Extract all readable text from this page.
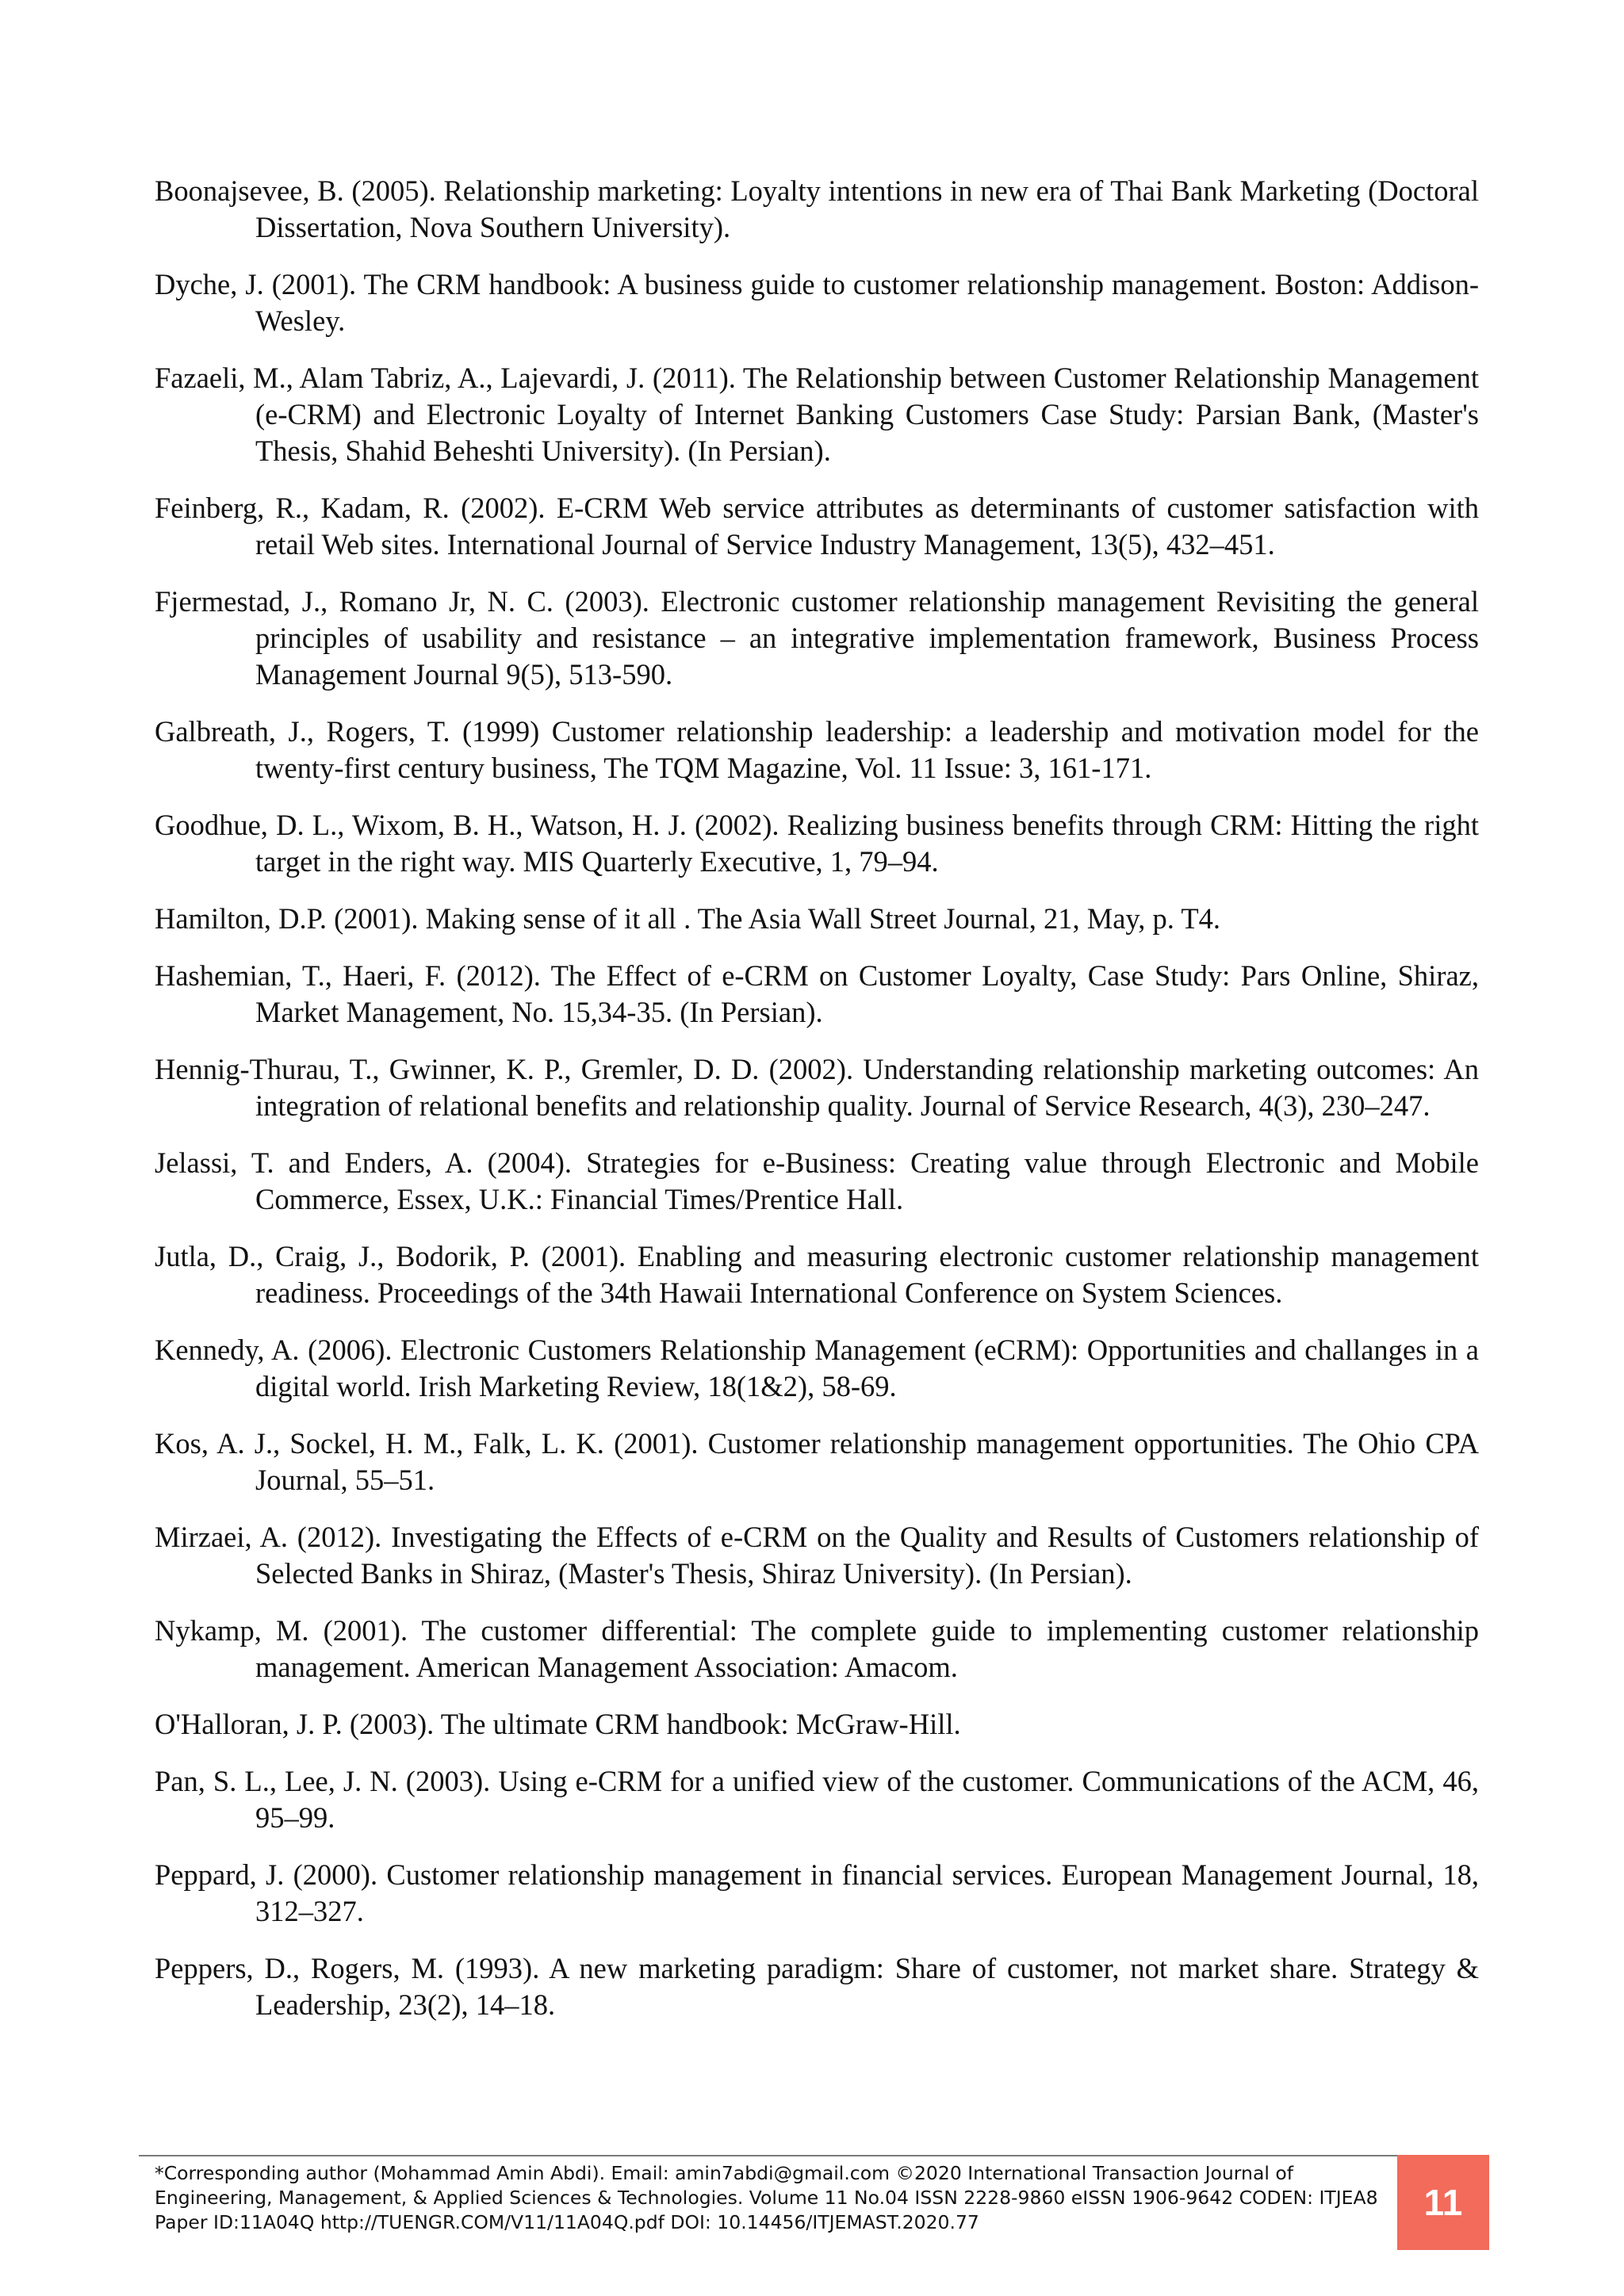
Boonajsevee, B. (2005). Relationship marketing: Loyalty intentions in new era of Thai Bank Marketing (Doctoral Dissertation, Nova Southern University).

Dyche, J. (2001). The CRM handbook: A business guide to customer relationship management. Boston: Addison-Wesley.

Fazaeli, M., Alam Tabriz, A., Lajevardi, J. (2011). The Relationship between Customer Relationship Management (e-CRM) and Electronic Loyalty of Internet Banking Customers Case Study: Parsian Bank, (Master's Thesis, Shahid Beheshti University). (In Persian).

Feinberg, R., Kadam, R. (2002). E-CRM Web service attributes as determinants of customer satisfaction with retail Web sites. International Journal of Service Industry Management, 13(5), 432–451.

Fjermestad, J., Romano Jr, N. C. (2003). Electronic customer relationship management Revisiting the general principles of usability and resistance – an integrative implementation framework, Business Process Management Journal 9(5), 513-590.

Galbreath, J., Rogers, T. (1999) Customer relationship leadership: a leadership and motivation model for the twenty-first century business, The TQM Magazine, Vol. 11 Issue: 3, 161-171.

Goodhue, D. L., Wixom, B. H., Watson, H. J. (2002). Realizing business benefits through CRM: Hitting the right target in the right way. MIS Quarterly Executive, 1, 79–94.

Hamilton, D.P. (2001). Making sense of it all . The Asia Wall Street Journal, 21, May, p. T4.

Hashemian, T., Haeri, F. (2012). The Effect of e-CRM on Customer Loyalty, Case Study: Pars Online, Shiraz, Market Management, No. 15,34-35. (In Persian).

Hennig-Thurau, T., Gwinner, K. P., Gremler, D. D. (2002). Understanding relationship marketing outcomes: An integration of relational benefits and relationship quality. Journal of Service Research, 4(3), 230–247.

Jelassi, T. and Enders, A. (2004). Strategies for e-Business: Creating value through Electronic and Mobile Commerce, Essex, U.K.: Financial Times/Prentice Hall.

Jutla, D., Craig, J., Bodorik, P. (2001). Enabling and measuring electronic customer relationship management readiness. Proceedings of the 34th Hawaii International Conference on System Sciences.

Kennedy, A. (2006). Electronic Customers Relationship Management (eCRM): Opportunities and challanges in a digital world. Irish Marketing Review, 18(1&2), 58-69.

Kos, A. J., Sockel, H. M., Falk, L. K. (2001). Customer relationship management opportunities. The Ohio CPA Journal, 55–51.

Mirzaei, A. (2012). Investigating the Effects of e-CRM on the Quality and Results of Customers relationship of Selected Banks in Shiraz, (Master's Thesis, Shiraz University). (In Persian).

Nykamp, M. (2001). The customer differential: The complete guide to implementing customer relationship management. American Management Association: Amacom.

O'Halloran, J. P. (2003). The ultimate CRM handbook: McGraw-Hill.

Pan, S. L., Lee, J. N. (2003). Using e-CRM for a unified view of the customer. Communications of the ACM, 46, 95–99.

Peppard, J. (2000). Customer relationship management in financial services. European Management Journal, 18, 312–327.

Peppers, D., Rogers, M. (1993). A new marketing paradigm: Share of customer, not market share. Strategy & Leadership, 23(2), 14–18.

*Corresponding author (Mohammad Amin Abdi). Email: amin7abdi@gmail.com ©2020 International Transaction Journal of Engineering, Management, & Applied Sciences & Technologies. Volume 11 No.04 ISSN 2228-9860 eISSN 1906-9642 CODEN: ITJEA8 Paper ID:11A04Q http://TUENGR.COM/V11/11A04Q.pdf DOI: 10.14456/ITJEMAST.2020.77	11
